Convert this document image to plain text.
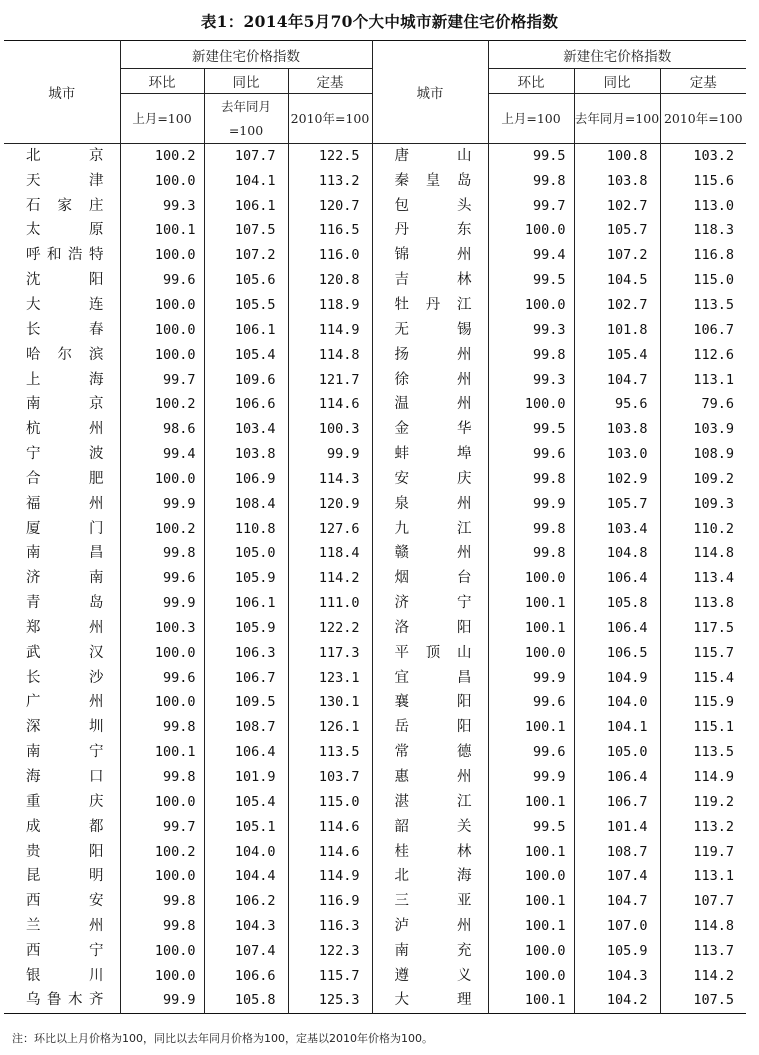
表1：2014年5月70个大中城市新建住宅价格指数
城市	新建住宅价格指数			城市	新建住宅价格指数		
	环比	同比	定基		环比	同比	定基

	上月=100	去年同月=100	2010年=100		上月=100	去年同月=100	2010年=100

北京	100.2	107.7	122.5	唐山	99.5	100.8	103.2
天津	100.0	104.1	113.2	秦皇岛	99.8	103.8	115.6
石家庄	99.3	106.1	120.7	包头	99.7	102.7	113.0
太原	100.1	107.5	116.5	丹东	100.0	105.7	118.3
呼和浩特	100.0	107.2	116.0	锦州	99.4	107.2	116.8
沈阳	99.6	105.6	120.8	吉林	99.5	104.5	115.0
大连	100.0	105.5	118.9	牡丹江	100.0	102.7	113.5
长春	100.0	106.1	114.9	无锡	99.3	101.8	106.7
哈尔滨	100.0	105.4	114.8	扬州	99.8	105.4	112.6
上海	99.7	109.6	121.7	徐州	99.3	104.7	113.1
南京	100.2	106.6	114.6	温州	100.0	95.6	79.6
杭州	98.6	103.4	100.3	金华	99.5	103.8	103.9
宁波	99.4	103.8	99.9	蚌埠	99.6	103.0	108.9
合肥	100.0	106.9	114.3	安庆	99.8	102.9	109.2
福州	99.9	108.4	120.9	泉州	99.9	105.7	109.3
厦门	100.2	110.8	127.6	九江	99.8	103.4	110.2
南昌	99.8	105.0	118.4	赣州	99.8	104.8	114.8
济南	99.6	105.9	114.2	烟台	100.0	106.4	113.4
青岛	99.9	106.1	111.0	济宁	100.1	105.8	113.8
郑州	100.3	105.9	122.2	洛阳	100.1	106.4	117.5
武汉	100.0	106.3	117.3	平顶山	100.0	106.5	115.7
长沙	99.6	106.7	123.1	宜昌	99.9	104.9	115.4
广州	100.0	109.5	130.1	襄阳	99.6	104.0	115.9
深圳	99.8	108.7	126.1	岳阳	100.1	104.1	115.1
南宁	100.1	106.4	113.5	常德	99.6	105.0	113.5
海口	99.8	101.9	103.7	惠州	99.9	106.4	114.9
重庆	100.0	105.4	115.0	湛江	100.1	106.7	119.2
成都	99.7	105.1	114.6	韶关	99.5	101.4	113.2
贵阳	100.2	104.0	114.6	桂林	100.1	108.7	119.7
昆明	100.0	104.4	114.9	北海	100.0	107.4	113.1
西安	99.8	106.2	116.9	三亚	100.1	104.7	107.7
兰州	99.8	104.3	116.3	泸州	100.1	107.0	114.8
西宁	100.0	107.4	122.3	南充	100.0	105.9	113.7
银川	100.0	106.6	115.7	遵义	100.0	104.3	114.2
乌鲁木齐	99.9	105.8	125.3	大理	100.1	104.2	107.5
注：环比以上月价格为100，同比以去年同月价格为100，定基以2010年价格为100。
